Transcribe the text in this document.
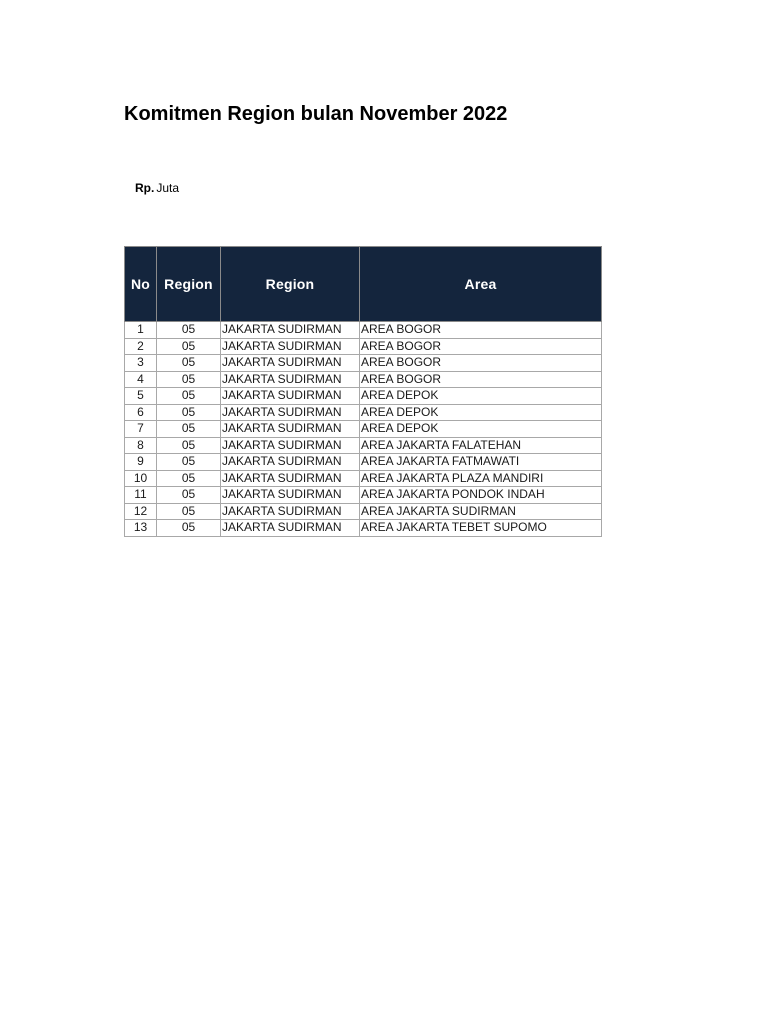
Komitmen Region bulan November 2022
Rp. Juta
No	Region	Region	Area
1	05	JAKARTA SUDIRMAN	AREA BOGOR
2	05	JAKARTA SUDIRMAN	AREA BOGOR
3	05	JAKARTA SUDIRMAN	AREA BOGOR
4	05	JAKARTA SUDIRMAN	AREA BOGOR
5	05	JAKARTA SUDIRMAN	AREA DEPOK
6	05	JAKARTA SUDIRMAN	AREA DEPOK
7	05	JAKARTA SUDIRMAN	AREA DEPOK
8	05	JAKARTA SUDIRMAN	AREA JAKARTA FALATEHAN
9	05	JAKARTA SUDIRMAN	AREA JAKARTA FATMAWATI
10	05	JAKARTA SUDIRMAN	AREA JAKARTA PLAZA MANDIRI
11	05	JAKARTA SUDIRMAN	AREA JAKARTA PONDOK INDAH
12	05	JAKARTA SUDIRMAN	AREA JAKARTA SUDIRMAN
13	05	JAKARTA SUDIRMAN	AREA JAKARTA TEBET SUPOMO
